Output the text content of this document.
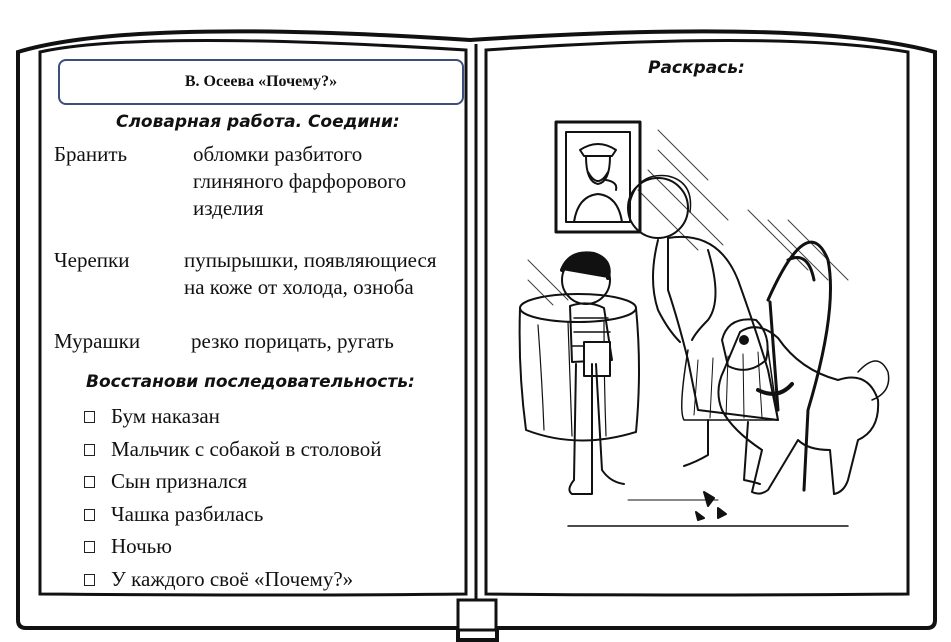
В. Осеева «Почему?»
Словарная работа. Соедини:
Бранить	обломки разбитого
глиняного фарфорового
изделия
Черепки	пупырышки, появляющиеся
на коже от холода, озноба
Мурашки резко порицать, ругать
Восстанови последовательность:
Бум наказан
Мальчик с собакой в столовой
Сын признался
Чашка разбилась
Ночью
У каждого своё «Почему?»
Раскрась:
